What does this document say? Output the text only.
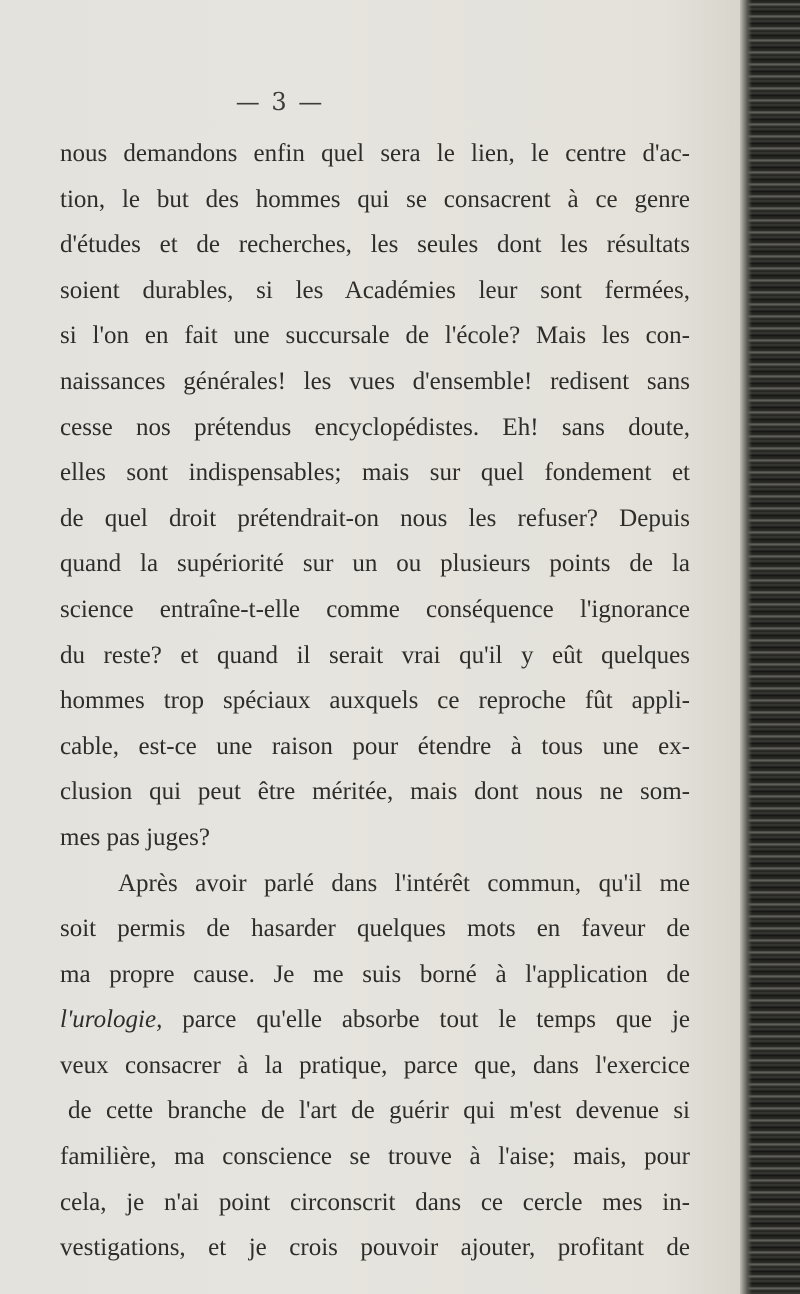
— 3 —
nous demandons enfin quel sera le lien, le centre d'ac-
tion, le but des hommes qui se consacrent à ce genre
d'études et de recherches, les seules dont les résultats
soient durables, si les Académies leur sont fermées,
si l'on en fait une succursale de l'école? Mais les con-
naissances générales! les vues d'ensemble! redisent sans
cesse nos prétendus encyclopédistes. Eh! sans doute,
elles sont indispensables; mais sur quel fondement et
de quel droit prétendrait-on nous les refuser? Depuis
quand la supériorité sur un ou plusieurs points de la
science entraîne-t-elle comme conséquence l'ignorance
du reste? et quand il serait vrai qu'il y eût quelques
hommes trop spéciaux auxquels ce reproche fût appli-
cable, est-ce une raison pour étendre à tous une ex-
clusion qui peut être méritée, mais dont nous ne som-
mes pas juges?
Après avoir parlé dans l'intérêt commun, qu'il me
soit permis de hasarder quelques mots en faveur de
ma propre cause. Je me suis borné à l'application de
l'urologie, parce qu'elle absorbe tout le temps que je
veux consacrer à la pratique, parce que, dans l'exercice
de cette branche de l'art de guérir qui m'est devenue si
familière, ma conscience se trouve à l'aise; mais, pour
cela, je n'ai point circonscrit dans ce cercle mes in-
vestigations, et je crois pouvoir ajouter, profitant de
